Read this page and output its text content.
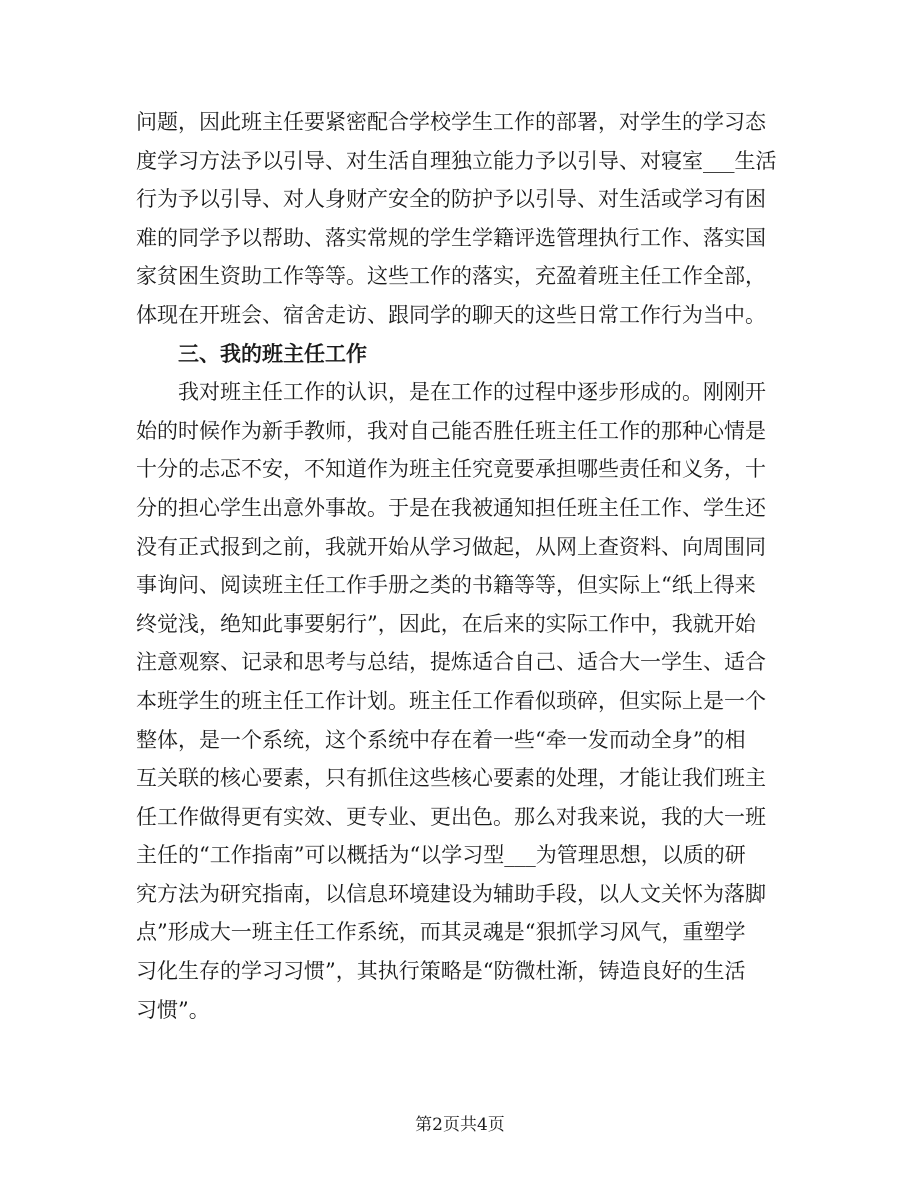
问题，因此班主任要紧密配合学校学生工作的部署，对学生的学习态
度学习方法予以引导、对生活自理独立能力予以引导、对寝室___生活
行为予以引导、对人身财产安全的防护予以引导、对生活或学习有困
难的同学予以帮助、落实常规的学生学籍评选管理执行工作、落实国
家贫困生资助工作等等。这些工作的落实，充盈着班主任工作全部，
体现在开班会、宿舍走访、跟同学的聊天的这些日常工作行为当中。
三、我的班主任工作
我对班主任工作的认识，是在工作的过程中逐步形成的。刚刚开
始的时候作为新手教师，我对自己能否胜任班主任工作的那种心情是
十分的忐忑不安，不知道作为班主任究竟要承担哪些责任和义务，十
分的担心学生出意外事故。于是在我被通知担任班主任工作、学生还
没有正式报到之前，我就开始从学习做起，从网上查资料、向周围同
事询问、阅读班主任工作手册之类的书籍等等，但实际上“纸上得来
终觉浅，绝知此事要躬行”，因此，在后来的实际工作中，我就开始
注意观察、记录和思考与总结，提炼适合自己、适合大一学生、适合
本班学生的班主任工作计划。班主任工作看似琐碎，但实际上是一个
整体，是一个系统，这个系统中存在着一些“牵一发而动全身”的相
互关联的核心要素，只有抓住这些核心要素的处理，才能让我们班主
任工作做得更有实效、更专业、更出色。那么对我来说，我的大一班
主任的“工作指南”可以概括为“以学习型___为管理思想，以质的研
究方法为研究指南，以信息环境建设为辅助手段，以人文关怀为落脚
点”形成大一班主任工作系统，而其灵魂是“狠抓学习风气，重塑学
习化生存的学习习惯”，其执行策略是“防微杜渐，铸造良好的生活
习惯”。
第2页共4页
